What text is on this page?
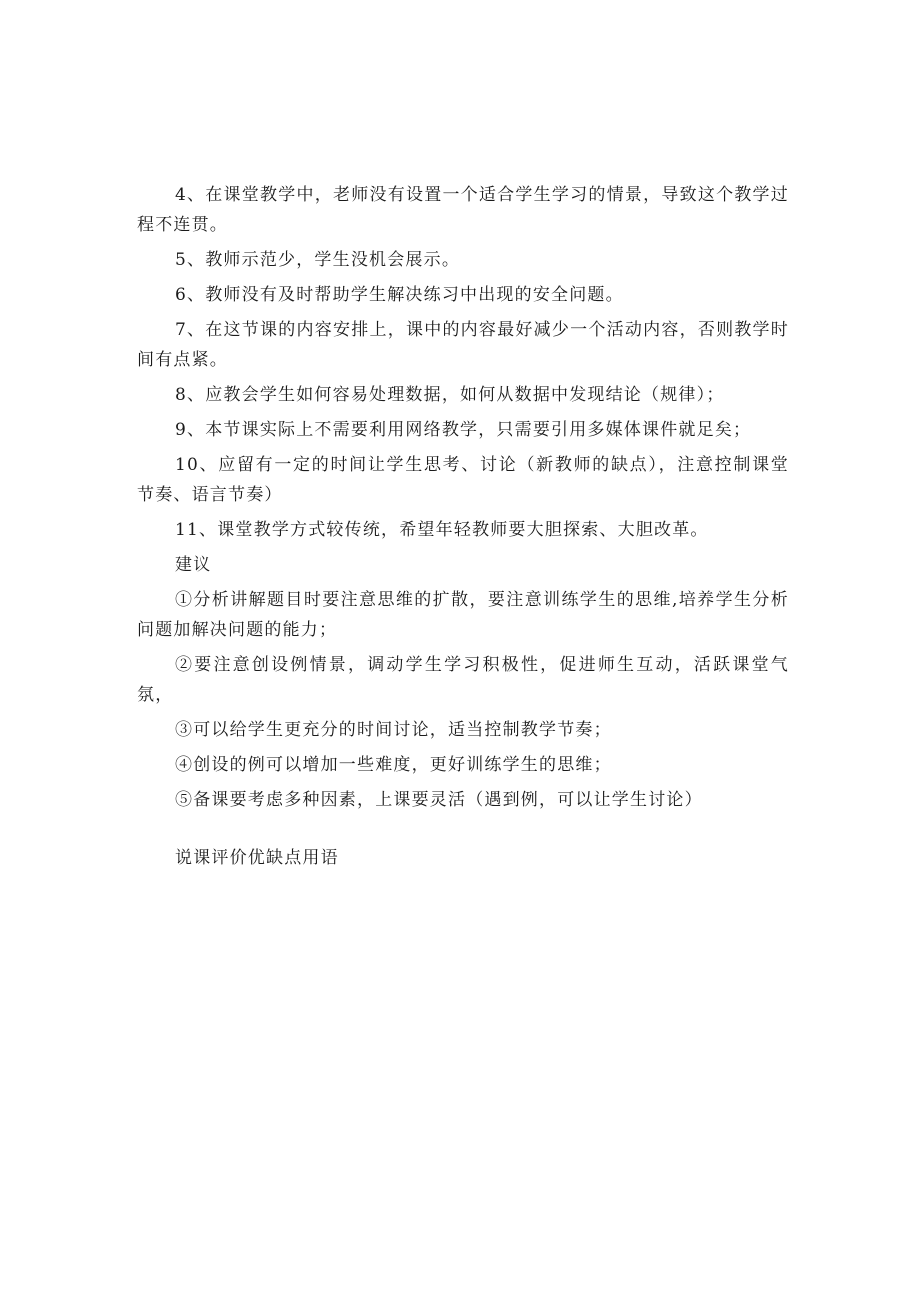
4、在课堂教学中，老师没有设置一个适合学生学习的情景，导致这个教学过程不连贯。

5、教师示范少，学生没机会展示。

6、教师没有及时帮助学生解决练习中出现的安全问题。

7、在这节课的内容安排上，课中的内容最好减少一个活动内容，否则教学时间有点紧。

8、应教会学生如何容易处理数据，如何从数据中发现结论（规律）；

9、本节课实际上不需要利用网络教学，只需要引用多媒体课件就足矣；

10、应留有一定的时间让学生思考、讨论（新教师的缺点），注意控制课堂节奏、语言节奏）

11、课堂教学方式较传统，希望年轻教师要大胆探索、大胆改革。

建议

①分析讲解题目时要注意思维的扩散，要注意训练学生的思维,培养学生分析问题加解决问题的能力；

②要注意创设例情景，调动学生学习积极性，促进师生互动，活跃课堂气氛，

③可以给学生更充分的时间讨论，适当控制教学节奏；

④创设的例可以增加一些难度，更好训练学生的思维；

⑤备课要考虑多种因素，上课要灵活（遇到例，可以让学生讨论）

说课评价优缺点用语
